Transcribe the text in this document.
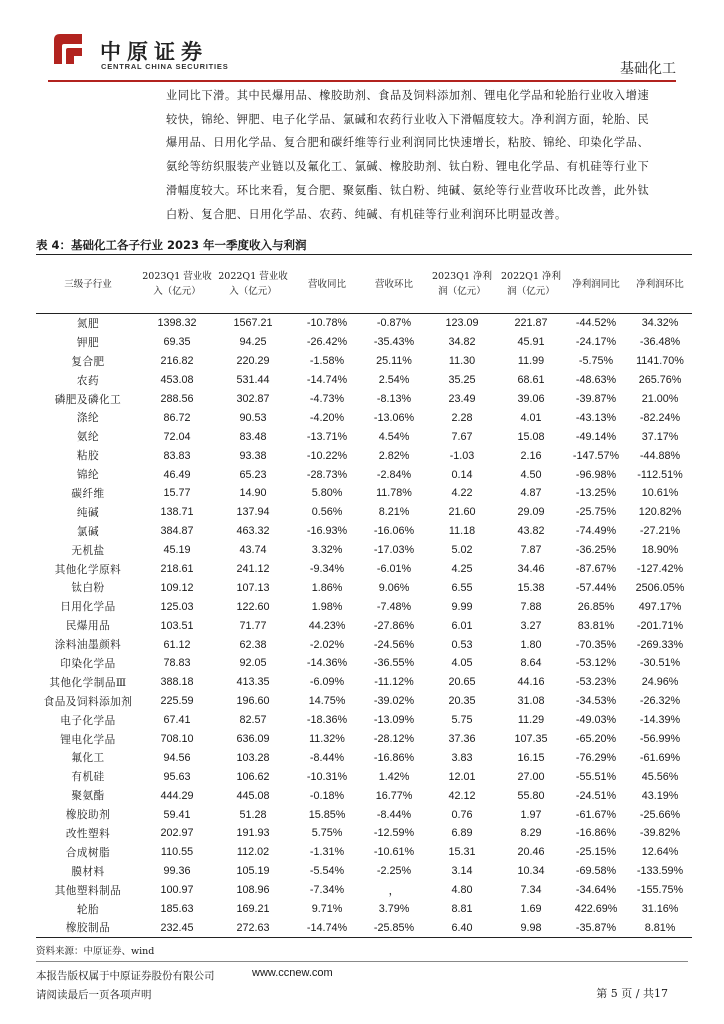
中原证券
CENTRAL CHINA SECURITIES	基础化工
业同比下滑。其中民爆用品、橡胶助剂、食品及饲料添加剂、锂电化学品和轮胎行业收入增速
较快，锦纶、钾肥、电子化学品、氯碱和农药行业收入下滑幅度较大。净利润方面，轮胎、民
爆用品、日用化学品、复合肥和碳纤维等行业利润同比快速增长，粘胶、锦纶、印染化学品、
氨纶等纺织服装产业链以及氟化工、氯碱、橡胶助剂、钛白粉、锂电化学品、有机硅等行业下
滑幅度较大。环比来看，复合肥、聚氨酯、钛白粉、纯碱、氨纶等行业营收环比改善，此外钛
白粉、复合肥、日用化学品、农药、纯碱、有机硅等行业利润环比明显改善。
表 4：基础化工各子行业 2023 年一季度收入与利润
三级子行业	2023Q1 营业收入（亿元）	2022Q1 营业收入（亿元）	营收同比	营收环比	2023Q1 净利润（亿元）	2022Q1 净利润（亿元）	净利润同比	净利润环比
氮肥	1398.32	1567.21	-10.78%	-0.87%	123.09	221.87	-44.52%	34.32%
钾肥	69.35	94.25	-26.42%	-35.43%	34.82	45.91	-24.17%	-36.48%
复合肥	216.82	220.29	-1.58%	25.11%	11.30	11.99	-5.75%	1141.70%
农药	453.08	531.44	-14.74%	2.54%	35.25	68.61	-48.63%	265.76%
磷肥及磷化工	288.56	302.87	-4.73%	-8.13%	23.49	39.06	-39.87%	21.00%
涤纶	86.72	90.53	-4.20%	-13.06%	2.28	4.01	-43.13%	-82.24%
氨纶	72.04	83.48	-13.71%	4.54%	7.67	15.08	-49.14%	37.17%
粘胶	83.83	93.38	-10.22%	2.82%	-1.03	2.16	-147.57%	-44.88%
锦纶	46.49	65.23	-28.73%	-2.84%	0.14	4.50	-96.98%	-112.51%
碳纤维	15.77	14.90	5.80%	11.78%	4.22	4.87	-13.25%	10.61%
纯碱	138.71	137.94	0.56%	8.21%	21.60	29.09	-25.75%	120.82%
氯碱	384.87	463.32	-16.93%	-16.06%	11.18	43.82	-74.49%	-27.21%
无机盐	45.19	43.74	3.32%	-17.03%	5.02	7.87	-36.25%	18.90%
其他化学原料	218.61	241.12	-9.34%	-6.01%	4.25	34.46	-87.67%	-127.42%
钛白粉	109.12	107.13	1.86%	9.06%	6.55	15.38	-57.44%	2506.05%
日用化学品	125.03	122.60	1.98%	-7.48%	9.99	7.88	26.85%	497.17%
民爆用品	103.51	71.77	44.23%	-27.86%	6.01	3.27	83.81%	-201.71%
涂料油墨颜料	61.12	62.38	-2.02%	-24.56%	0.53	1.80	-70.35%	-269.33%
印染化学品	78.83	92.05	-14.36%	-36.55%	4.05	8.64	-53.12%	-30.51%
其他化学制品Ⅲ	388.18	413.35	-6.09%	-11.12%	20.65	44.16	-53.23%	24.96%
食品及饲料添加剂	225.59	196.60	14.75%	-39.02%	20.35	31.08	-34.53%	-26.32%
电子化学品	67.41	82.57	-18.36%	-13.09%	5.75	11.29	-49.03%	-14.39%
锂电化学品	708.10	636.09	11.32%	-28.12%	37.36	107.35	-65.20%	-56.99%
氟化工	94.56	103.28	-8.44%	-16.86%	3.83	16.15	-76.29%	-61.69%
有机硅	95.63	106.62	-10.31%	1.42%	12.01	27.00	-55.51%	45.56%
聚氨酯	444.29	445.08	-0.18%	16.77%	42.12	55.80	-24.51%	43.19%
橡胶助剂	59.41	51.28	15.85%	-8.44%	0.76	1.97	-61.67%	-25.66%
改性塑料	202.97	191.93	5.75%	-12.59%	6.89	8.29	-16.86%	-39.82%
合成树脂	110.55	112.02	-1.31%	-10.61%	15.31	20.46	-25.15%	12.64%
膜材料	99.36	105.19	-5.54%	-2.25%	3.14	10.34	-69.58%	-133.59%
其他塑料制品	100.97	108.96	-7.34%	，	4.80	7.34	-34.64%	-155.75%
轮胎	185.63	169.21	9.71%	3.79%	8.81	1.69	422.69%	31.16%
橡胶制品	232.45	272.63	-14.74%	-25.85%	6.40	9.98	-35.87%	8.81%
资料来源：中原证券、wind
本报告版权属于中原证券股份有限公司	www.ccnew.com
请阅读最后一页各项声明	第 5 页 / 共17
